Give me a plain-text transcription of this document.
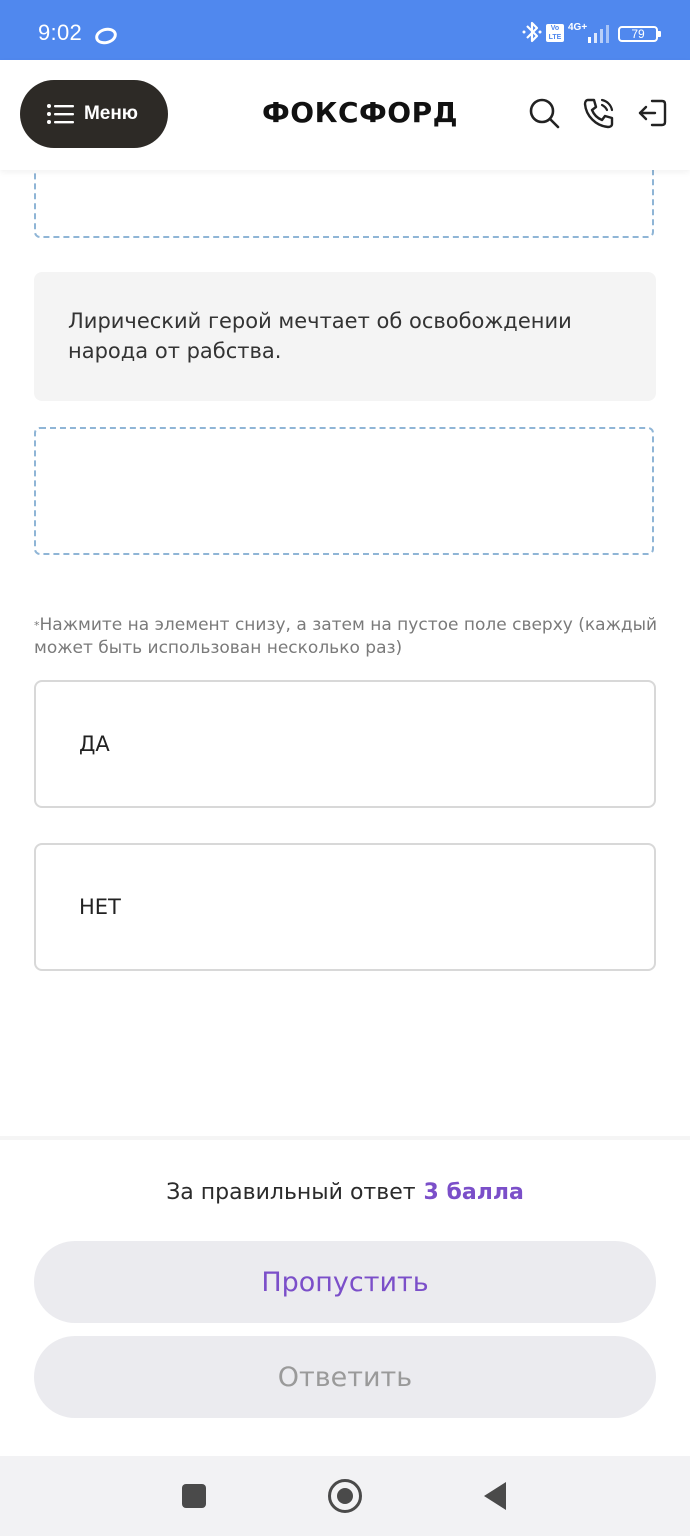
9:02	Vo LTE
4G+	79
Меню	ФОКСФОРД
Лирический герой мечтает об освобождении народа от рабства.
*Нажмите на элемент снизу, а затем на пустое поле сверху (каждый может быть использован несколько раз)
ДА
НЕТ
За правильный ответ 3 балла
Пропустить
Ответить
